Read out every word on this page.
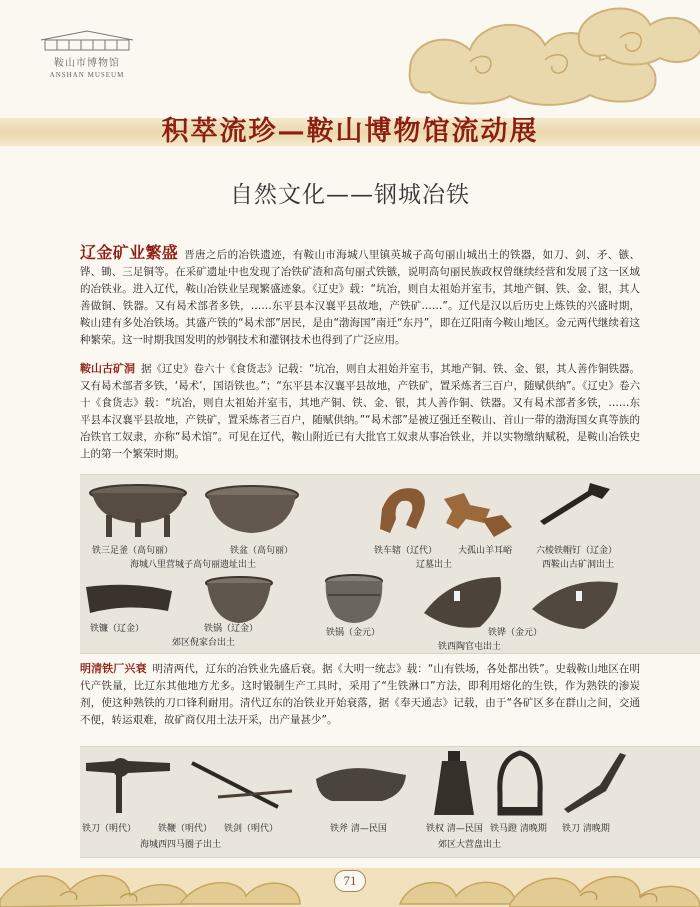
鞍山市博物馆
ANSHAN MUSEUM
积萃流珍—鞍山博物馆流动展
自然文化——钢城冶铁
辽金矿业繁盛 晋唐之后的冶铁遗迹，有鞍山市海城八里镇英城子高句丽山城出土的铁器，如刀、剑、矛、镞、铧、锄、三足铜等。在采矿遗址中也发现了冶铁矿渣和高句丽式铁镞，说明高句丽民族政权曾继续经营和发展了这一区域的冶铁业。进入辽代，鞍山冶铁业呈现繁盛迹象。《辽史》载：“坑冶，则自太祖始并室韦，其地产铜、铁、金、银，其人善做铜、铁器。又有曷术部者多铁，……东平县本汉襄平县故地，产铁矿……”。辽代是汉以后历史上炼铁的兴盛时期，鞍山建有多处冶铁场。其盛产铁的“曷术部”居民，是由“渤海国”南迁“东丹”，即在辽阳南今鞍山地区。金元两代继续着这种繁荣。这一时期我国发明的炒钢技术和灌钢技术也得到了广泛应用。
鞍山古矿洞 据《辽史》卷六十《食货志》记载：“坑冶，则自太祖始并室韦，其地产铜、铁、金、银，其人善作铜铁器。又有曷术部者多铁，‘曷术’，国语铁也。”；“东平县本汉襄平县故地，产铁矿，置采炼者三百户，随赋供纳”。《辽史》卷六十《食货志》载：“坑冶，则自太祖始并室韦，其地产铜、铁、金、银，其人善作铜、铁器。又有曷术部者多铁，……东平县本汉襄平县故地，产铁矿，置采炼者三百户，随赋供纳。”“曷术部”是被辽强迁至鞍山、首山一带的渤海国女真等族的冶铁官工奴隶，亦称“曷术馆”。可见在辽代，鞍山附近已有大批官工奴隶从事冶铁业，并以实物缴纳赋税，是鞍山冶铁史上的第一个繁荣时期。
铁三足釜（高句丽）	铁盆（高句丽）
海城八里营城子高句丽遗址出土
铁车辖（辽代） 大孤山羊耳峪
辽墓出土
六棱铁帽钉（辽金）
西鞍山古矿洞出土
铁镰（辽金）	铁锅（辽金）
郊区倪家台出土
铁锅（金元）	铁铧（金元）
铁西陶官屯出土
明清铁厂兴衰 明清两代，辽东的冶铁业先盛后衰。据《大明一统志》载：“山有铁场，各处都出铁”。史载鞍山地区在明代产铁量，比辽东其他地方尤多。这时锻制生产工具时，采用了“生铁淋口”方法，即利用熔化的生铁，作为熟铁的渗炭剂，使这种熟铁的刀口锋利耐用。清代辽东的冶铁业开始衰落，据《奉天通志》记载，由于“各矿区多在群山之间，交通不便，转运艰难，故矿商仅用土法开采，出产量甚少”。
铁刀（明代） 铁鞭（明代） 铁剑（明代）
海城西四马圈子出土
铁斧 清—民国	铁权 清—民国 铁马蹬 清晚期 铁刀 清晚期
郊区大营盘出土
71
